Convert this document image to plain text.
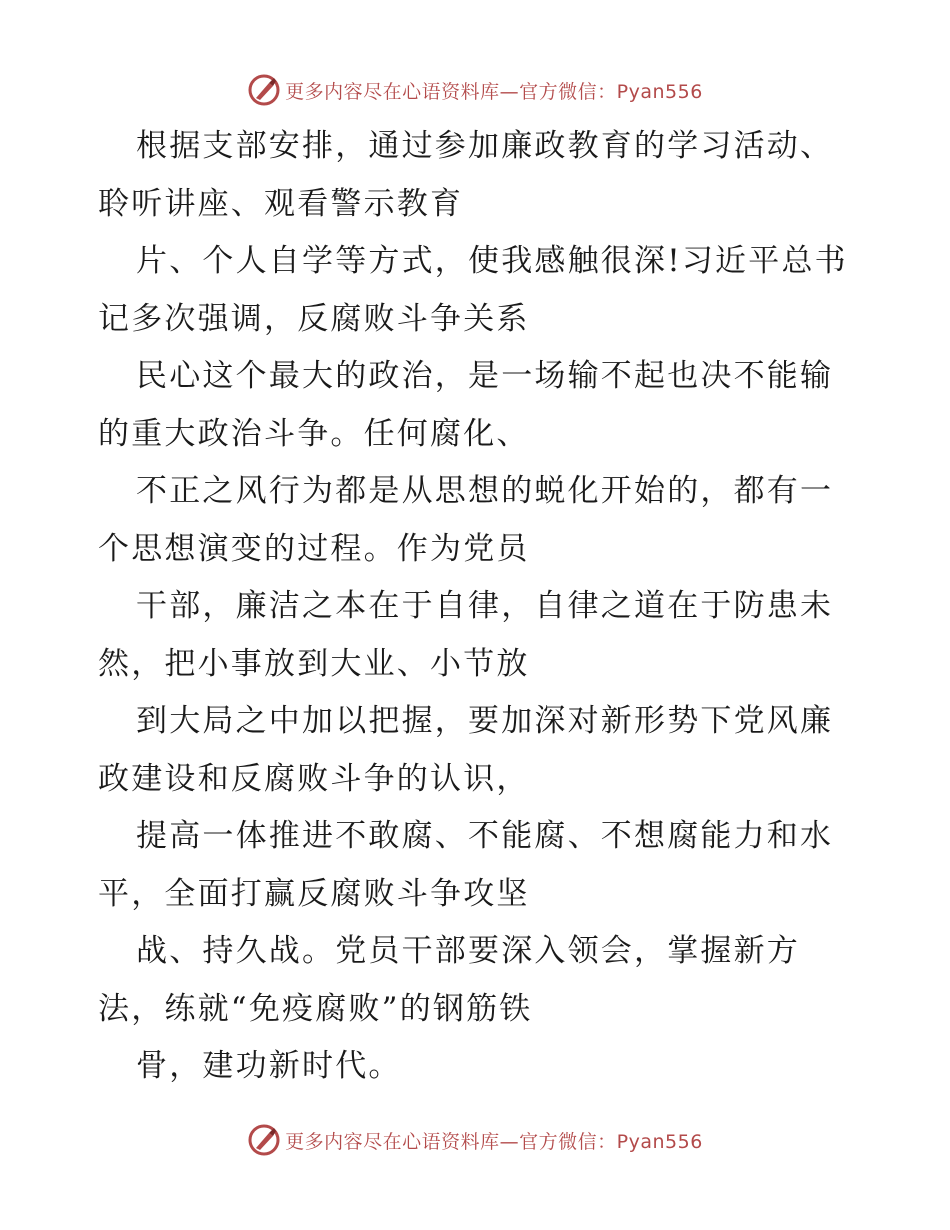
更多内容尽在心语资料库—官方微信：Pyan556

根据支部安排，通过参加廉政教育的学习活动、聆听讲座、观看警示教育

片、个人自学等方式，使我感触很深!习近平总书记多次强调，反腐败斗争关系

民心这个最大的政治，是一场输不起也决不能输的重大政治斗争。任何腐化、

不正之风行为都是从思想的蜕化开始的，都有一个思想演变的过程。作为党员

干部，廉洁之本在于自律，自律之道在于防患未然，把小事放到大业、小节放

到大局之中加以把握，要加深对新形势下党风廉政建设和反腐败斗争的认识，

提高一体推进不敢腐、不能腐、不想腐能力和水平，全面打赢反腐败斗争攻坚

战、持久战。党员干部要深入领会，掌握新方法，练就“免疫腐败”的钢筋铁

骨，建功新时代。

更多内容尽在心语资料库—官方微信：Pyan556
